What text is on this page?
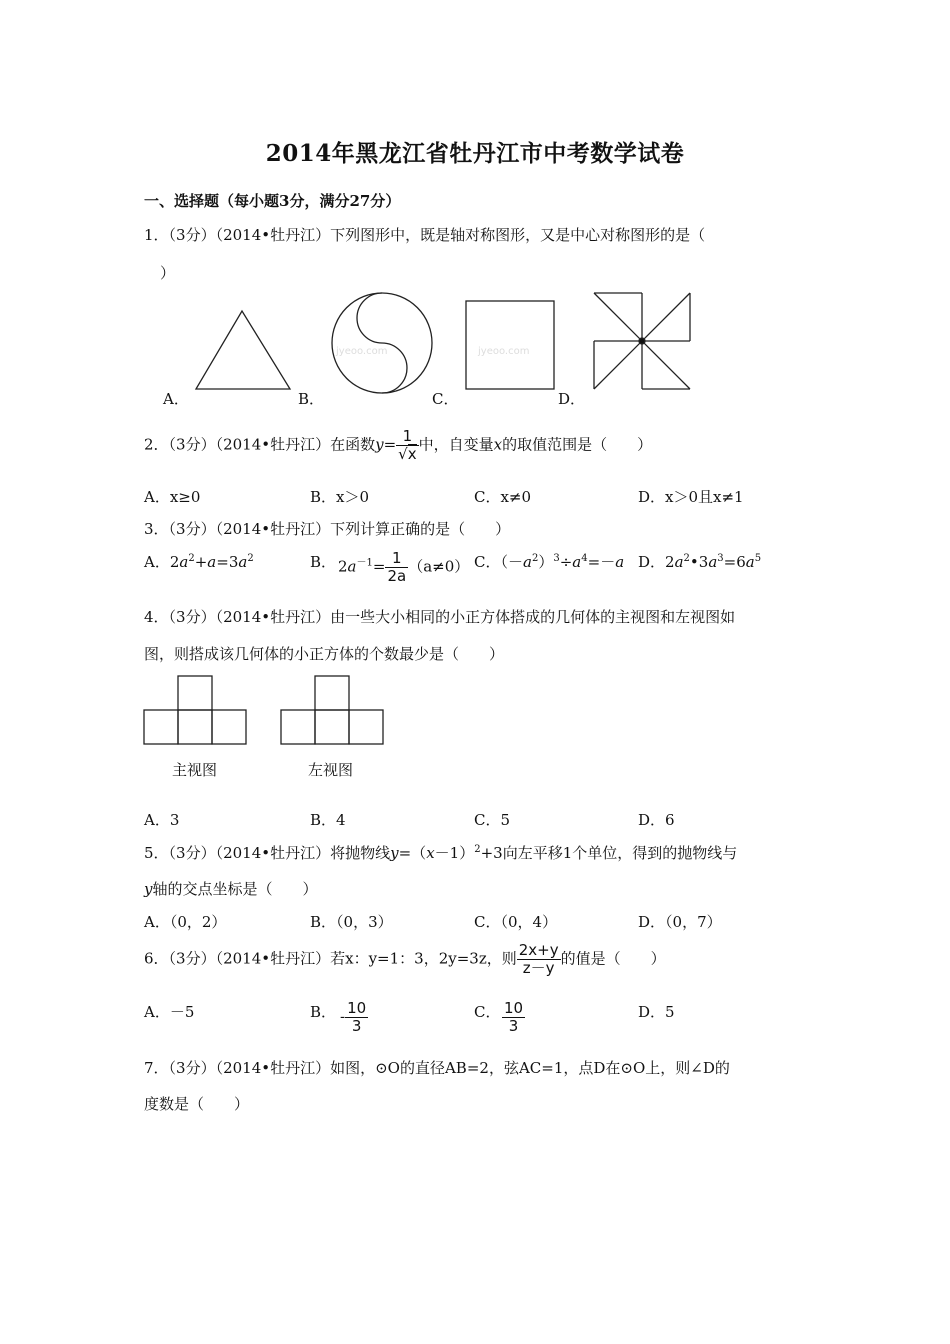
2014年黑龙江省牡丹江市中考数学试卷
一、选择题（每小题3分，满分27分）
1．（3分）（2014•牡丹江）下列图形中，既是轴对称图形，又是中心对称图形的是（
）
jyeoo.com	jyeoo.com
A．	B．	C．	D．
2．（3分）（2014•牡丹江）在函数$y= \frac{1}{√x}$ 中，自变量x的取值范围是（　　）
A．x≥0	B．x＞0	C．x≠0	D．x＞0且x≠1
3．（3分）（2014•牡丹江）下列计算正确的是（　　）
A．$2a^2+a=3a^2$	B． $2a^{-1}= \frac{1}{2a} (a\ne 0)$ C．$(-a^2)^3\div a^4=-a$ D．$2a^2•3a^3=6a^5$
4．（3分）（2014•牡丹江）由一些大小相同的小正方体搭成的几何体的主视图和左视图如
图，则搭成该几何体的小正方体的个数最少是（　　）
主视图	左视图
A．3	B．4	C．5	D．6
5．（3分）（2014•牡丹江）将抛物线$y=(x-1)^2+3$向左平移1个单位，得到的抛物线与
y轴的交点坐标是（　　）
A．（0，2）	B．（0，3）	C．（0，4）	D．（0，7）
6．（3分）（2014•牡丹江）若x：y=1：3，2y=3z，则 $\frac{2x+y}{z-y}$ 的值是（　　）
A．－5	B． - $\frac{10}{3}$	C． $\frac{10}{3}$	D．5
7．（3分）（2014•牡丹江）如图，⊙O的直径AB=2，弦AC=1，点D在⊙O上，则∠D的
度数是（　　）
